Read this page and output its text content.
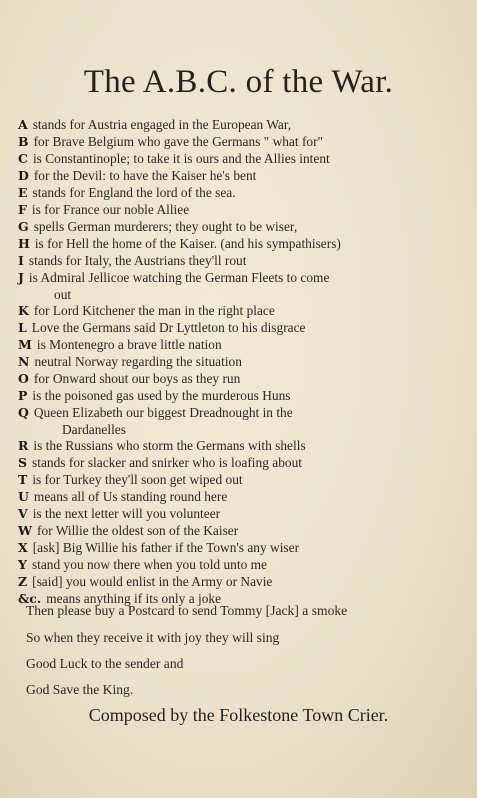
The A.B.C. of the War.
A stands for Austria engaged in the European War,
B for Brave Belgium who gave the Germans " what for"
C is Constantinople; to take it is ours and the Allies intent
D for the Devil: to have the Kaiser he's bent
E stands for England the lord of the sea.
F is for France our noble Alliee
G spells German murderers; they ought to be wiser,
H is for Hell the home of the Kaiser. (and his sympathisers)
I stands for Italy, the Austrians they'll rout
J is Admiral Jellicoe watching the German Fleets to come
out
K for Lord Kitchener the man in the right place
L Love the Germans said Dr Lyttleton to his disgrace
M is Montenegro a brave little nation
N neutral Norway regarding the situation
O for Onward shout our boys as they run
P is the poisoned gas used by the murderous Huns
Q Queen Elizabeth our biggest Dreadnought in the
Dardanelles
R is the Russians who storm the Germans with shells
S stands for slacker and snirker who is loafing about
T is for Turkey they'll soon get wiped out
U means all of Us standing round here
V is the next letter will you volunteer
W for Willie the oldest son of the Kaiser
X [ask] Big Willie his father if the Town's any wiser
Y stand you now there when you told unto me
Z [said] you would enlist in the Army or Navie
&c. means anything if its only a joke
Then please buy a Postcard to send Tommy [Jack] a smoke
So when they receive it with joy they will sing
Good Luck to the sender and
God Save the King.
Composed by the Folkestone Town Crier.
